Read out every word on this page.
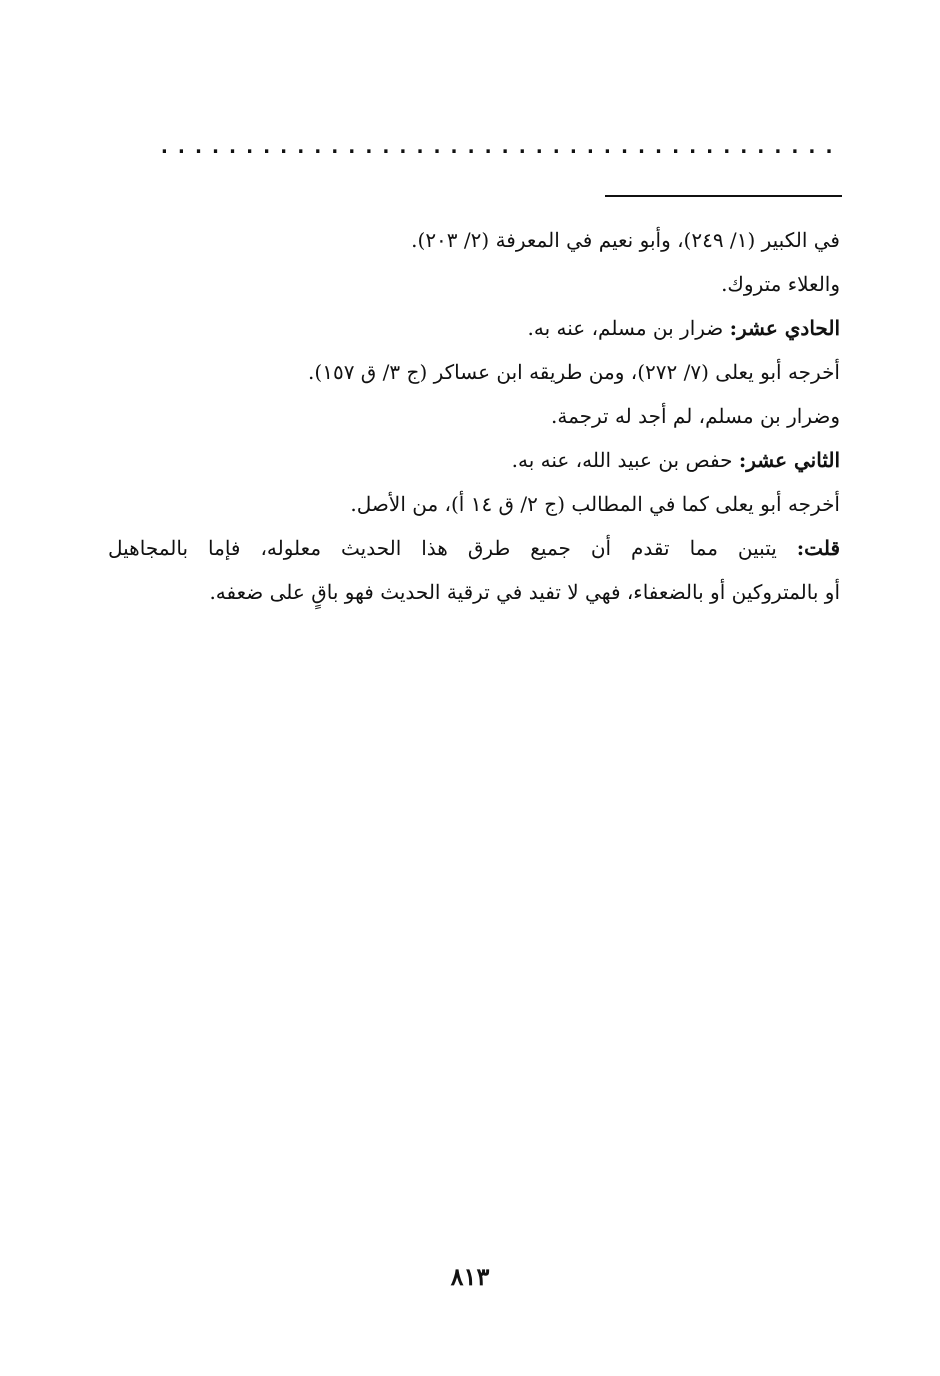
........................................
في الكبير (١/ ٢٤٩)، وأبو نعيم في المعرفة (٢/ ٢٠٣).
والعلاء متروك.
الحادي عشر: ضرار بن مسلم، عنه به.
أخرجه أبو يعلى (٧/ ٢٧٢)، ومن طريقه ابن عساكر (ج ٣/ ق ١٥٧).
وضرار بن مسلم، لم أجد له ترجمة.
الثاني عشر: حفص بن عبيد الله، عنه به.
أخرجه أبو يعلى كما في المطالب (ج ٢/ ق ١٤ أ)، من الأصل.
قلت: يتبين مما تقدم أن جميع طرق هذا الحديث معلوله، فإما بالمجاهيل
أو بالمتروكين أو بالضعفاء، فهي لا تفيد في ترقية الحديث فهو باقٍ على ضعفه.
٨١٣
